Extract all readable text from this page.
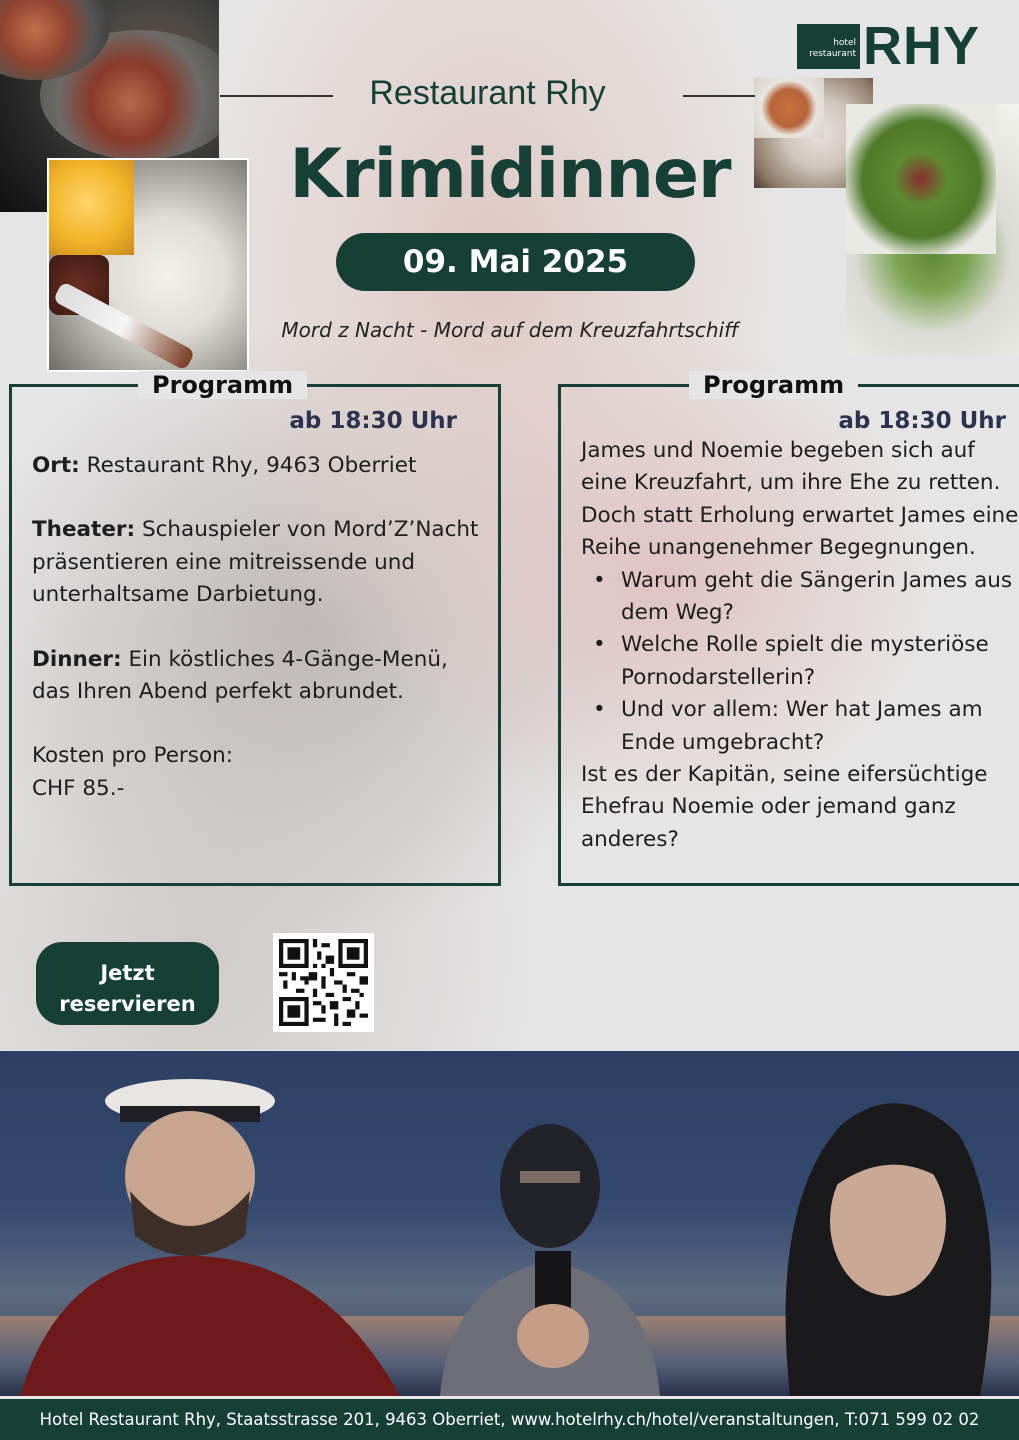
hotel
restaurant RHY
Restaurant Rhy
Krimidinner
09. Mai 2025
Mord z Nacht - Mord auf dem Kreuzfahrtschiff
Programm
ab 18:30 Uhr

Ort: Restaurant Rhy, 9463 Oberriet

Theater: Schauspieler von Mord’Z’Nacht präsentieren eine mitreissende und unterhaltsame Darbietung.

Dinner: Ein köstliches 4-Gänge-Menü, das Ihren Abend perfekt abrundet.

Kosten pro Person:

CHF 85.-

Programm
ab 18:30 Uhr

James und Noemie begeben sich auf eine Kreuzfahrt, um ihre Ehe zu retten. Doch statt Erholung erwartet James eine Reihe unangenehmer Begegnungen.

• Warum geht die Sängerin James aus dem Weg?
• Welche Rolle spielt die mysteriöse Pornodarstellerin?
• Und vor allem: Wer hat James am Ende umgebracht?

Ist es der Kapitän, seine eifersüchtige Ehefrau Noemie oder jemand ganz anderes?

Jetzt
reservieren
Hotel Restaurant Rhy, Staatsstrasse 201, 9463 Oberriet, www.hotelrhy.ch/hotel/veranstaltungen, T:071 599 02 02
